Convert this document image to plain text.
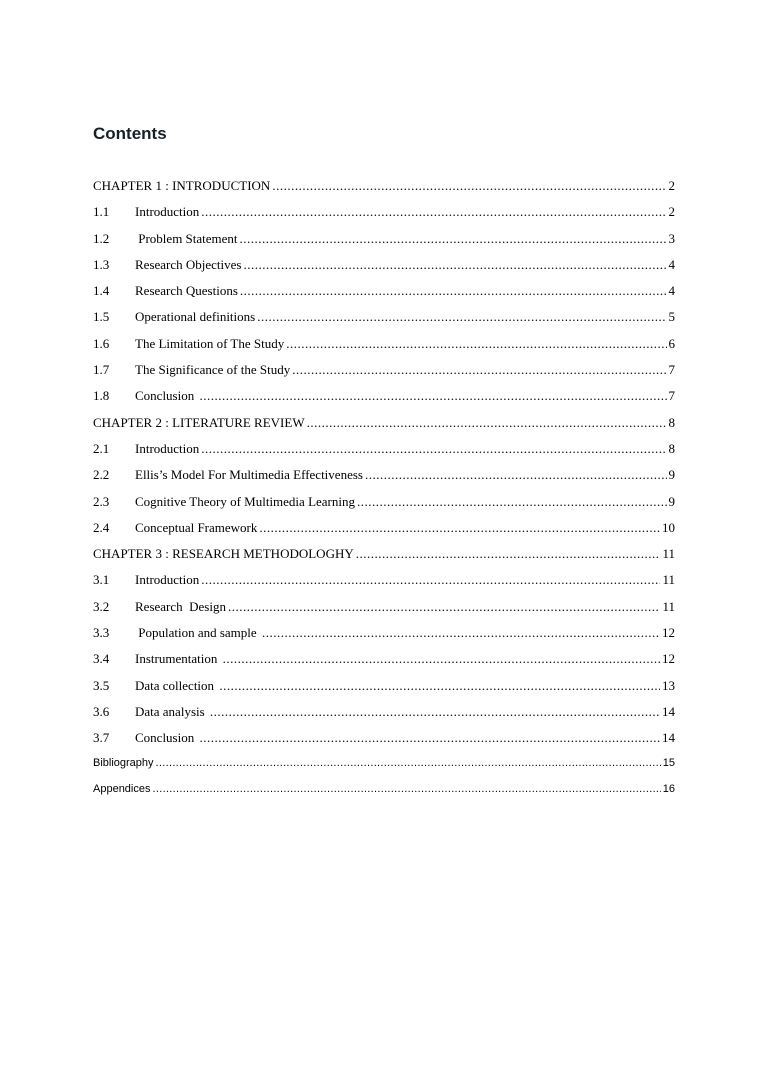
Contents
CHAPTER 1 : INTRODUCTION .....	2
1.1	Introduction .....	2
1.2	Problem Statement .....	3
1.3	Research Objectives .....	4
1.4	Research Questions .....	4
1.5	Operational definitions .....	5
1.6	The Limitation of The Study .....	6
1.7	The Significance of the Study .....	7
1.8	Conclusion .....	7
CHAPTER 2 : LITERATURE REVIEW .....	8
2.1	Introduction .....	8
2.2	Ellis’s Model For Multimedia Effectiveness .....	9
2.3	Cognitive Theory of Multimedia Learning .....	9
2.4	Conceptual Framework .....	10
CHAPTER 3 : RESEARCH METHODOLOGHY .....	11
3.1	Introduction .....	11
3.2	Research  Design .....	11
3.3	Population and sample .....	12
3.4	Instrumentation .....	12
3.5	Data collection .....	13
3.6	Data analysis .....	14
3.7	Conclusion .....	14
Bibliography .....	15
Appendices .....	16
